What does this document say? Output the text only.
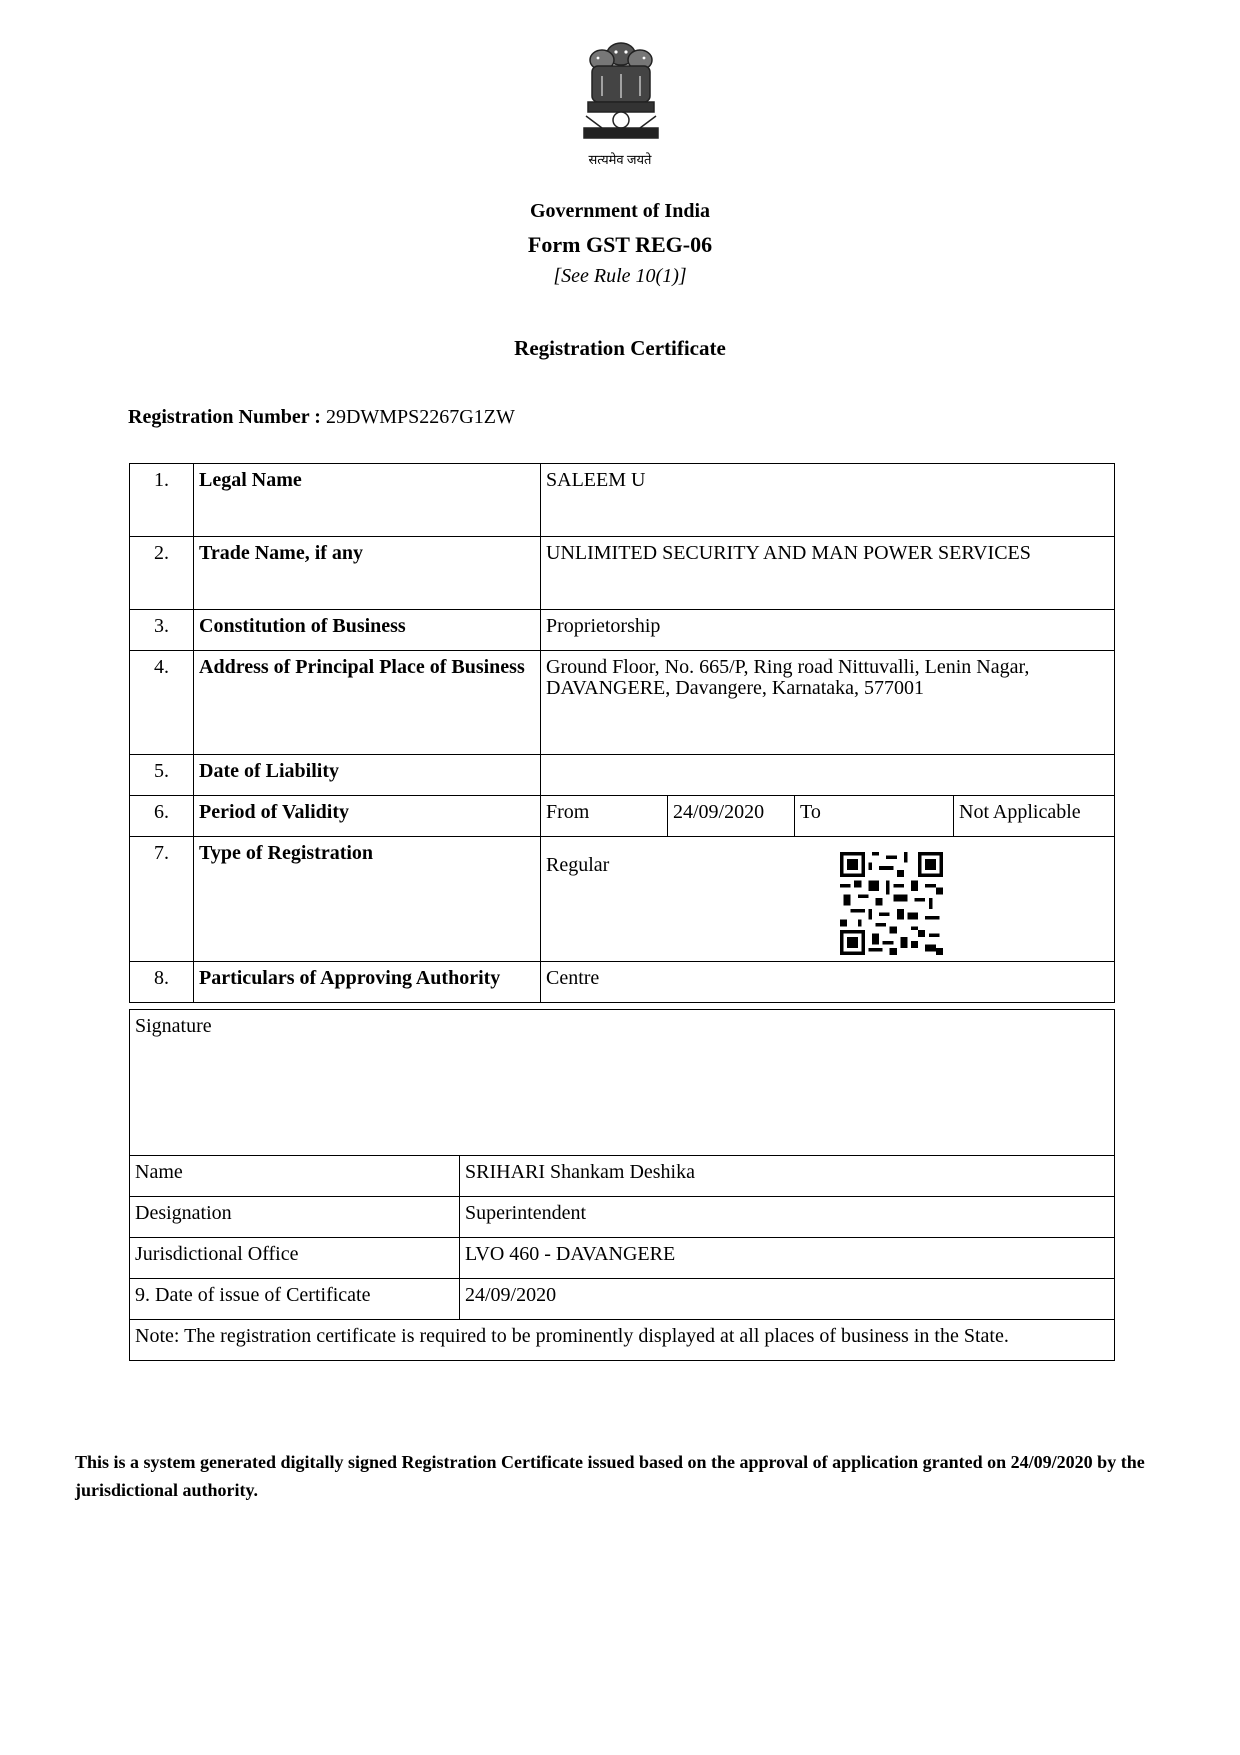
सत्यमेव जयते
Government of India
Form GST REG-06
[See Rule 10(1)]
Registration Certificate
Registration Number : 29DWMPS2267G1ZW
1.	Legal Name	SALEEM U			
2.	Trade Name, if any	UNLIMITED SECURITY AND MAN POWER SERVICES			
3.	Constitution of Business	Proprietorship			
4.	Address of Principal Place of Business	Ground Floor, No. 665/P, Ring road Nittuvalli, Lenin Nagar, DAVANGERE, Davangere, Karnataka, 577001			
5.	Date of Liability				
6.	Period of Validity	From	24/09/2020	To	Not Applicable
7.	Type of Registration	Regular			

8.	Particulars of Approving Authority	Centre			
Signature	
Name	SRIHARI Shankam Deshika
Designation	Superintendent
Jurisdictional Office	LVO 460 - DAVANGERE
9. Date of issue of Certificate	24/09/2020
Note: The registration certificate is required to be prominently displayed at all places of business in the State.	
This is a system generated digitally signed Registration Certificate issued based on the approval of application granted on 24/09/2020 by the jurisdictional authority.
